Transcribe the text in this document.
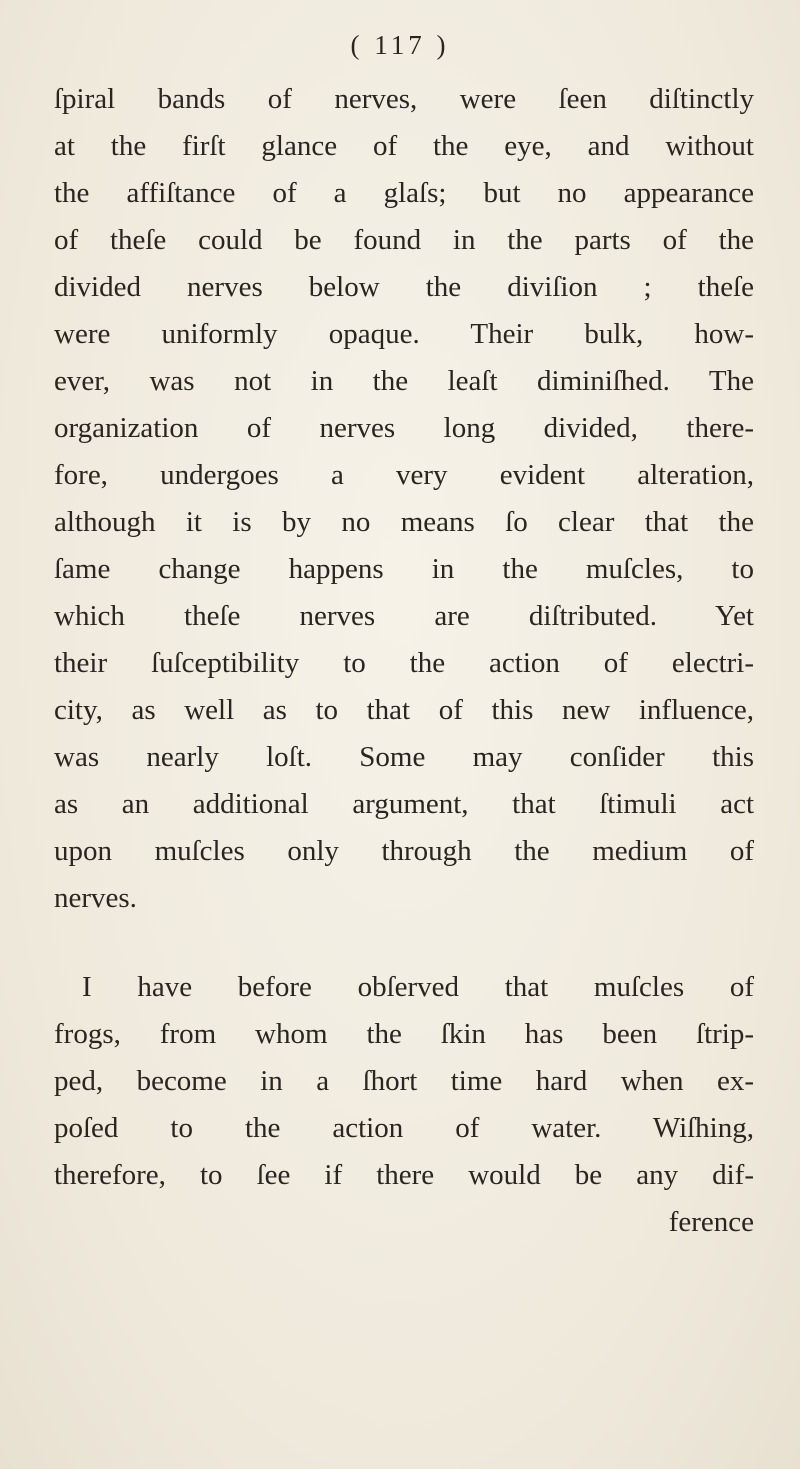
( 117 )
ſpiral bands of nerves, were ſeen diſtinctly
at the firſt glance of the eye, and without
the affiſtance of a glaſs; but no appearance
of theſe could be found in the parts of the
divided nerves below the diviſion ; theſe
were uniformly opaque. Their bulk, how-
ever, was not in the leaſt diminiſhed. The
organization of nerves long divided, there-
fore, undergoes a very evident alteration,
although it is by no means ſo clear that the
ſame change happens in the muſcles, to
which theſe nerves are diſtributed. Yet
their ſuſceptibility to the action of electri-
city, as well as to that of this new influence,
was nearly loſt. Some may conſider this
as an additional argument, that ſtimuli act
upon muſcles only through the medium of
nerves.
I have before obſerved that muſcles of
frogs, from whom the ſkin has been ſtrip-
ped, become in a ſhort time hard when ex-
poſed to the action of water. Wiſhing,
therefore, to ſee if there would be any dif-
ference
